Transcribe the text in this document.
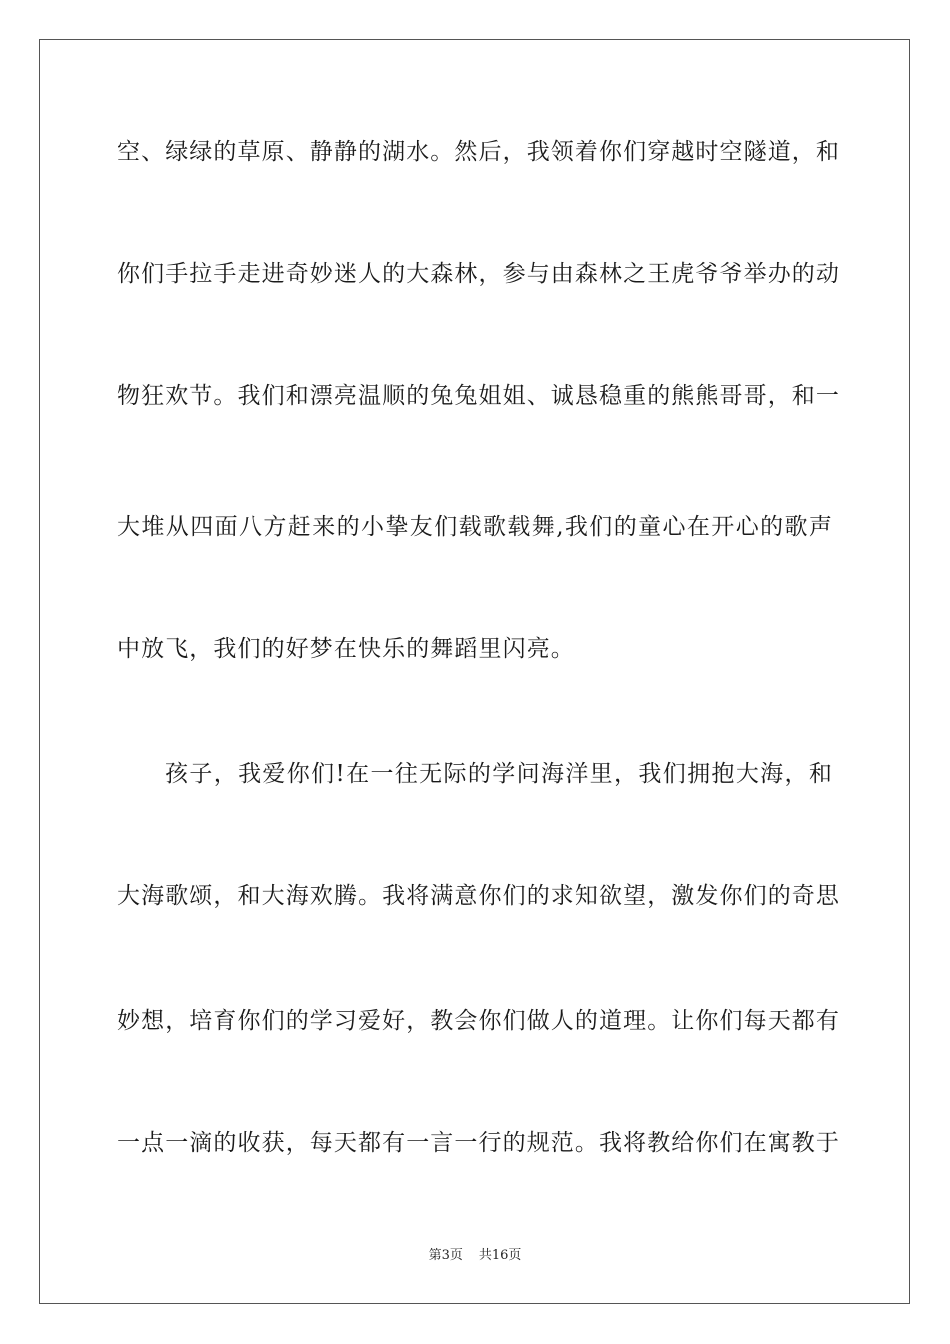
空、绿绿的草原、静静的湖水。然后，我领着你们穿越时空隧道，和
你们手拉手走进奇妙迷人的大森林，参与由森林之王虎爷爷举办的动
物狂欢节。我们和漂亮温顺的兔兔姐姐、诚恳稳重的熊熊哥哥，和一
大堆从四面八方赶来的小挚友们载歌载舞,我们的童心在开心的歌声
中放飞，我们的好梦在快乐的舞蹈里闪亮。
孩子，我爱你们!在一往无际的学问海洋里，我们拥抱大海，和
大海歌颂，和大海欢腾。我将满意你们的求知欲望，激发你们的奇思
妙想，培育你们的学习爱好，教会你们做人的道理。让你们每天都有
一点一滴的收获，每天都有一言一行的规范。我将教给你们在寓教于
第3页 共16页
